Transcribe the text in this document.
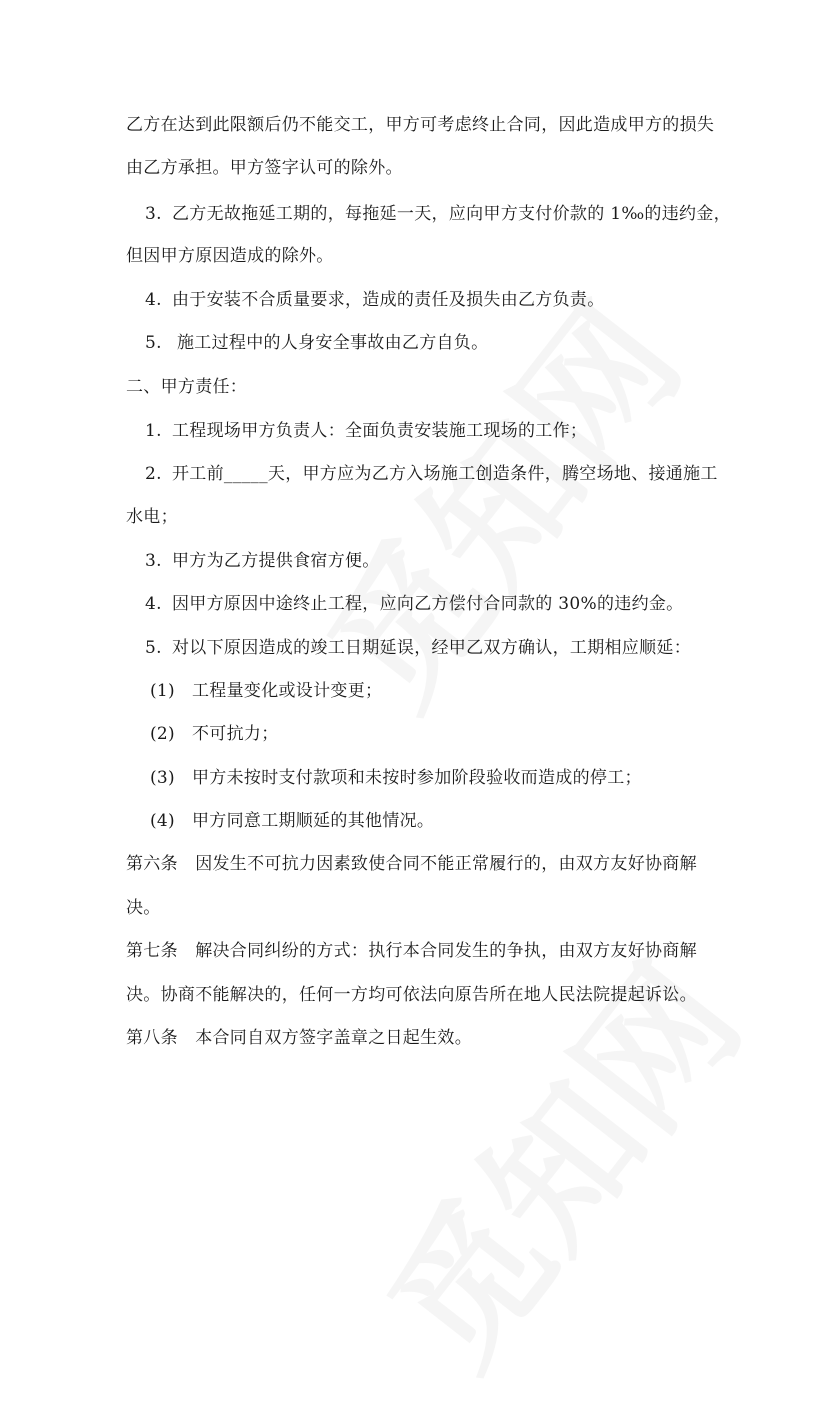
乙方在达到此限额后仍不能交工，甲方可考虑终止合同，因此造成甲方的损失
由乙方承担。甲方签字认可的除外。
3. 乙方无故拖延工期的，每拖延一天，应向甲方支付价款的 1‰的违约金，
但因甲方原因造成的除外。
4. 由于安装不合质量要求，造成的责任及损失由乙方负责。
5. 施工过程中的人身安全事故由乙方自负。
二、甲方责任：
1. 工程现场甲方负责人：全面负责安装施工现场的工作；
2. 开工前_____天，甲方应为乙方入场施工创造条件，腾空场地、接通施工
水电；
3. 甲方为乙方提供食宿方便。
4. 因甲方原因中途终止工程，应向乙方偿付合同款的 30%的违约金。
5. 对以下原因造成的竣工日期延误，经甲乙双方确认，工期相应顺延：
(1) 工程量变化或设计变更；
(2) 不可抗力；
(3) 甲方未按时支付款项和未按时参加阶段验收而造成的停工；
(4) 甲方同意工期顺延的其他情况。
第六条　因发生不可抗力因素致使合同不能正常履行的，由双方友好协商解
决。
第七条　解决合同纠纷的方式：执行本合同发生的争执，由双方友好协商解
决。协商不能解决的，任何一方均可依法向原告所在地人民法院提起诉讼。
第八条　本合同自双方签字盖章之日起生效。
